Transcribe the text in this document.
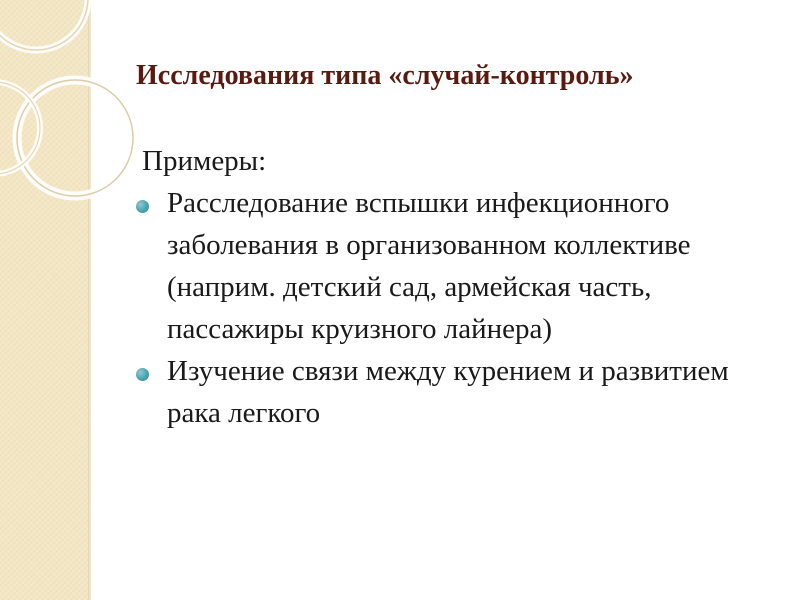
Исследования типа «случай-контроль»

Примеры:

Расследование вспышки инфекционного заболевания в организованном коллективе (наприм. детский сад, армейская часть, пассажиры круизного лайнера)
Изучение связи между курением и развитием рака легкого
